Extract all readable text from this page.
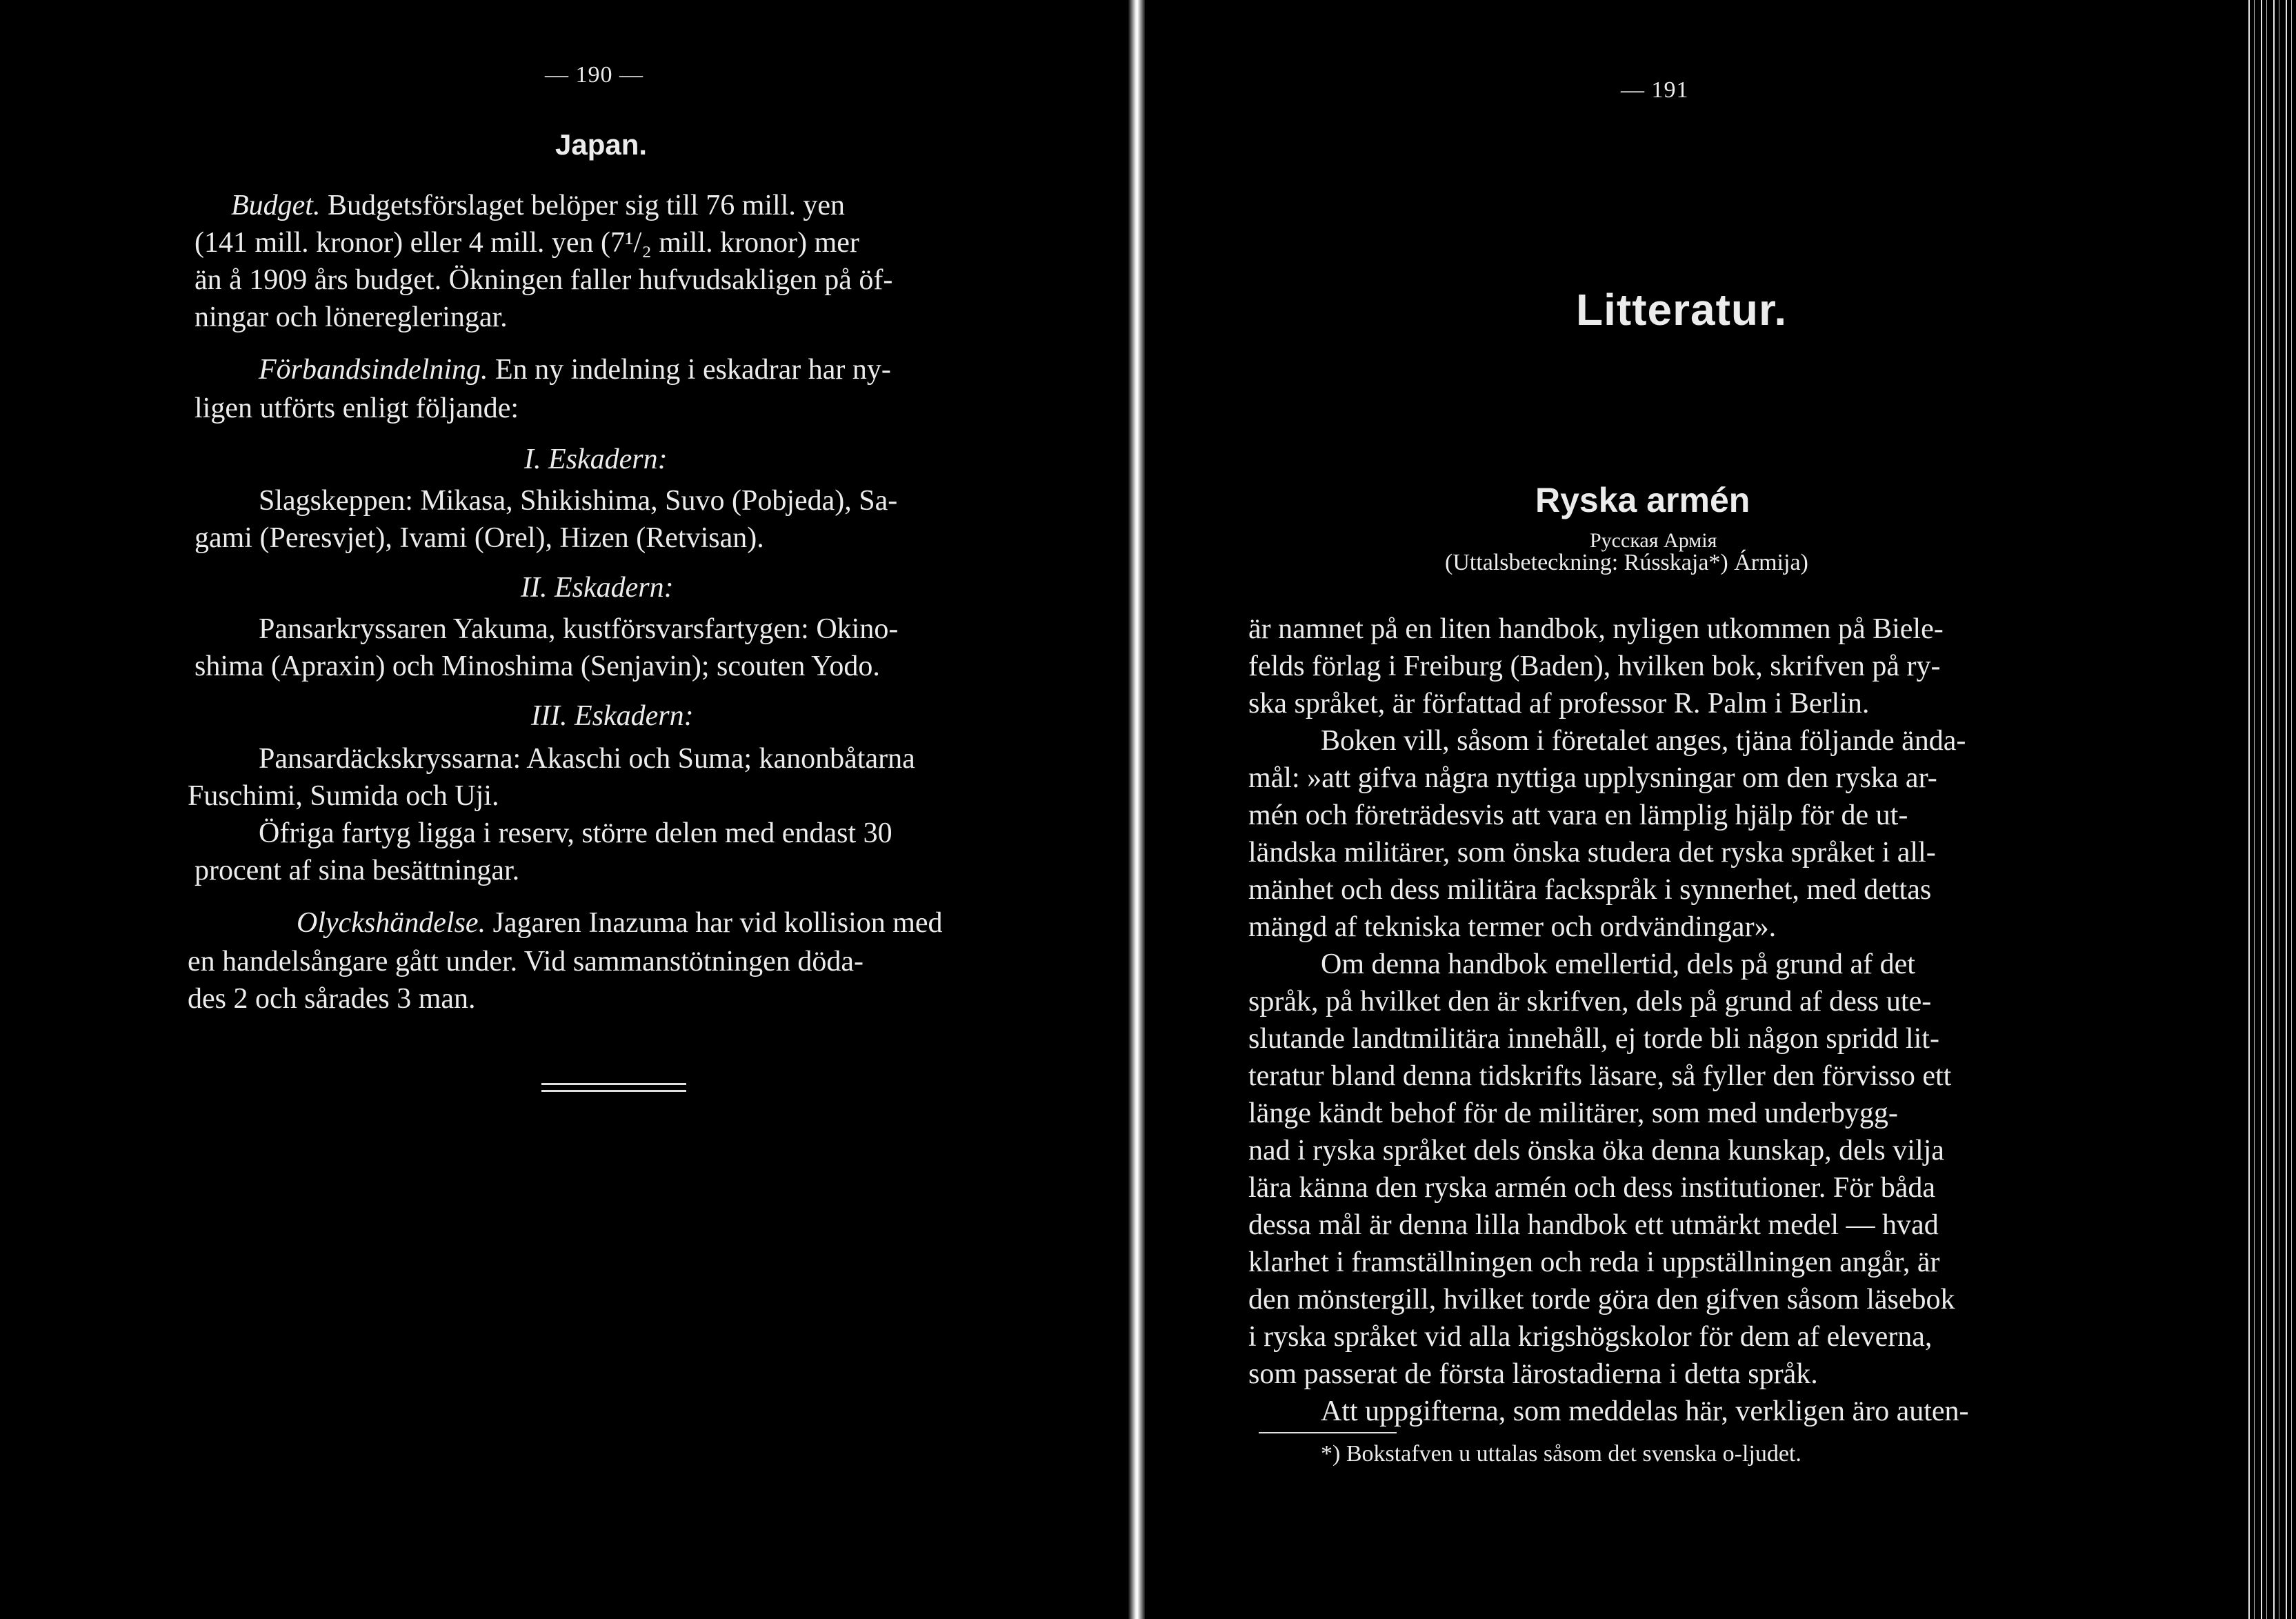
— 190 —
Japan.
Budget. Budgetsförslaget belöper sig till 76 mill. yen
(141 mill. kronor) eller 4 mill. yen (7¹/₂ mill. kronor) mer
än å 1909 års budget. Ökningen faller hufvudsakligen på öf-
ningar och löneregleringar.
Förbandsindelning. En ny indelning i eskadrar har ny-
ligen utförts enligt följande:
I. Eskadern:
Slagskeppen: Mikasa, Shikishima, Suvo (Pobjeda), Sa-
gami (Peresvjet), Ivami (Orel), Hizen (Retvisan).
II. Eskadern:
Pansarkryssaren Yakuma, kustförsvarsfartygen: Okino-
shima (Apraxin) och Minoshima (Senjavin); scouten Yodo.
III. Eskadern:
Pansardäckskryssarna: Akaschi och Suma; kanonbåtarna
Fuschimi, Sumida och Uji.
Öfriga fartyg ligga i reserv, större delen med endast 30
procent af sina besättningar.
Olyckshändelse. Jagaren Inazuma har vid kollision med
en handelsångare gått under. Vid sammanstötningen döda-
des 2 och sårades 3 man.
— 191
Litteratur.
Ryska armén
Русская Армія
(Uttalsbeteckning: Rússkaja*) Ármija)
är namnet på en liten handbok, nyligen utkommen på Biele-
felds förlag i Freiburg (Baden), hvilken bok, skrifven på ry-
ska språket, är författad af professor R. Palm i Berlin.
Boken vill, såsom i företalet anges, tjäna följande ända-
mål: »att gifva några nyttiga upplysningar om den ryska ar-
mén och företrädesvis att vara en lämplig hjälp för de ut-
ländska militärer, som önska studera det ryska språket i all-
mänhet och dess militära fackspråk i synnerhet, med dettas
mängd af tekniska termer och ordvändingar».
Om denna handbok emellertid, dels på grund af det
språk, på hvilket den är skrifven, dels på grund af dess ute-
slutande landtmilitära innehåll, ej torde bli någon spridd lit-
teratur bland denna tidskrifts läsare, så fyller den förvisso ett
länge kändt behof för de militärer, som med underbygg-
nad i ryska språket dels önska öka denna kunskap, dels vilja
lära känna den ryska armén och dess institutioner. För båda
dessa mål är denna lilla handbok ett utmärkt medel — hvad
klarhet i framställningen och reda i uppställningen angår, är
den mönstergill, hvilket torde göra den gifven såsom läsebok
i ryska språket vid alla krigshögskolor för dem af eleverna,
som passerat de första lärostadierna i detta språk.
Att uppgifterna, som meddelas här, verkligen äro auten-
*) Bokstafven u uttalas såsom det svenska o-ljudet.
